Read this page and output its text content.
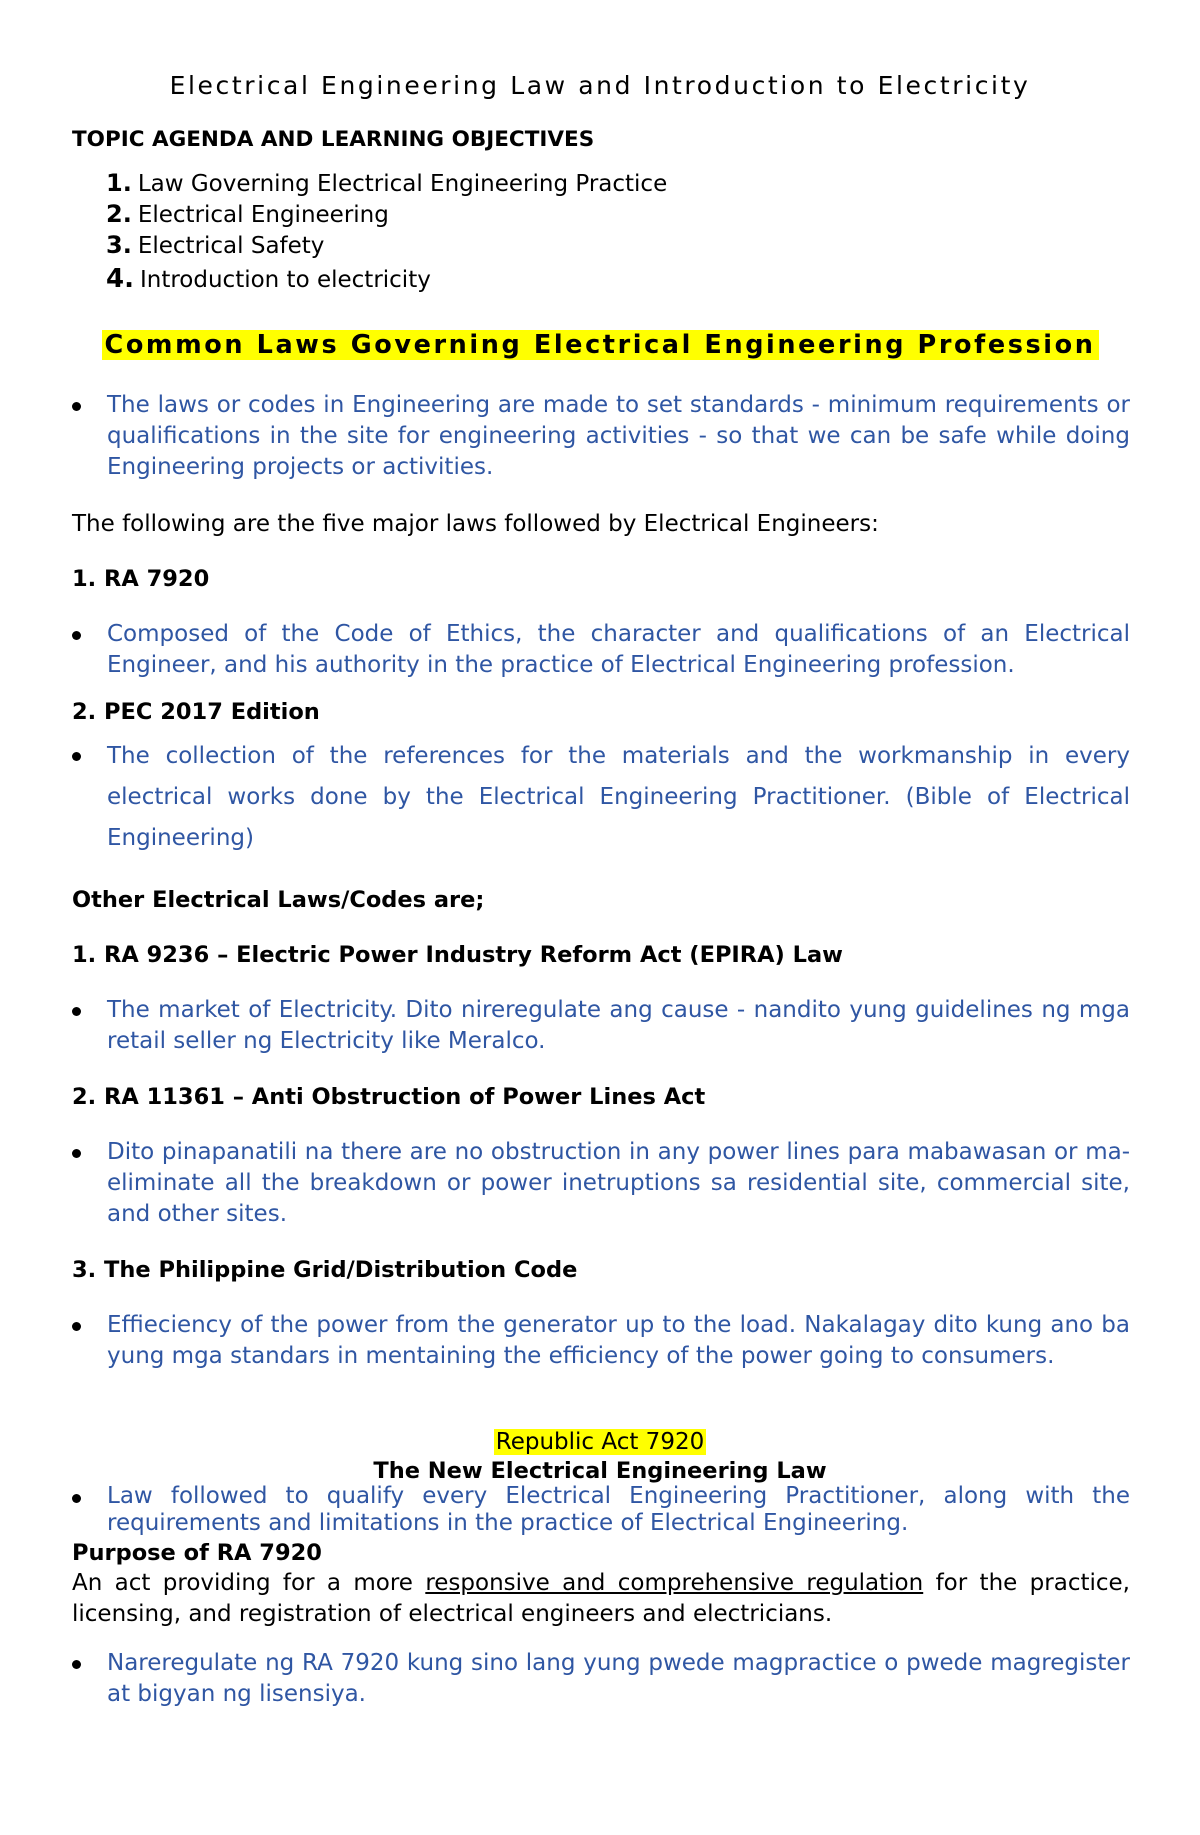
Electrical Engineering Law and Introduction to Electricity
TOPIC AGENDA AND LEARNING OBJECTIVES
1. Law Governing Electrical Engineering Practice
2. Electrical Engineering
3. Electrical Safety
4. Introduction to electricity
Common Laws Governing Electrical Engineering Profession
The laws or codes in Engineering are made to set standards - minimum requirements or qualifications in the site for engineering activities - so that we can be safe while doing Engineering projects or activities.
The following are the five major laws followed by Electrical Engineers:
1. RA 7920
Composed of the Code of Ethics, the character and qualifications of an Electrical Engineer, and his authority in the practice of Electrical Engineering profession.
2. PEC 2017 Edition
The collection of the references for the materials and the workmanship in every electrical works done by the Electrical Engineering Practitioner. (Bible of Electrical Engineering)
Other Electrical Laws/Codes are;
1. RA 9236 – Electric Power Industry Reform Act (EPIRA) Law
The market of Electricity. Dito nireregulate ang cause - nandito yung guidelines ng mga retail seller ng Electricity like Meralco.
2. RA 11361 – Anti Obstruction of Power Lines Act
Dito pinapanatili na there are no obstruction in any power lines para mabawasan or ma-eliminate all the breakdown or power inetruptions sa residential site, commercial site, and other sites.
3. The Philippine Grid/Distribution Code
Effieciency of the power from the generator up to the load. Nakalagay dito kung ano ba yung mga standars in mentaining the efficiency of the power going to consumers.
Republic Act 7920
The New Electrical Engineering Law
Law followed to qualify every Electrical Engineering Practitioner, along with the requirements and limitations in the practice of Electrical Engineering.
Purpose of RA 7920
An act providing for a more responsive and comprehensive regulation for the practice, licensing, and registration of electrical engineers and electricians.
Nareregulate ng RA 7920 kung sino lang yung pwede magpractice o pwede magregister at bigyan ng lisensiya.
